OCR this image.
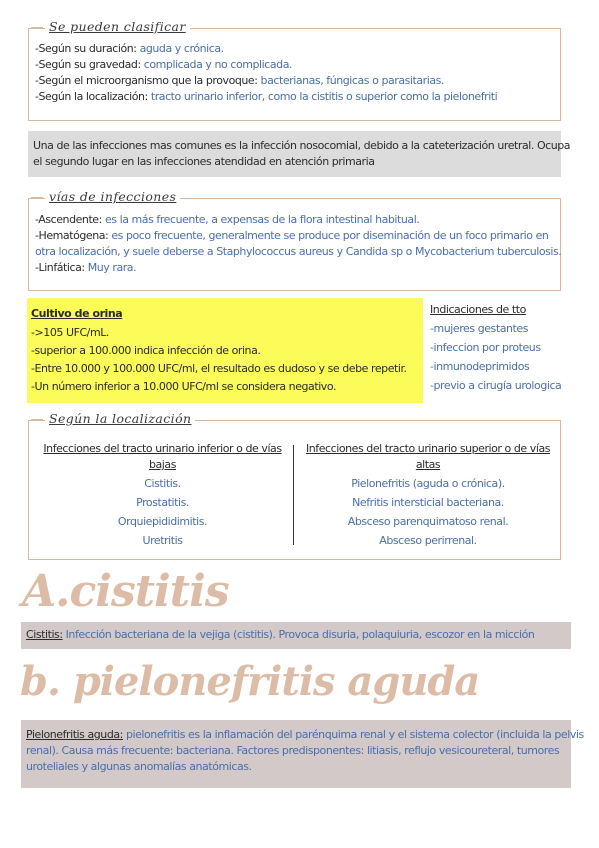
Se pueden clasificar
-Según su duración: aguda y crónica.
-Según su gravedad: complicada y no complicada.
-Según el microorganismo que la provoque: bacterianas, fúngicas o parasitarias.
-Según la localización: tracto urinario inferior, como la cistitis o superior como la pielonefriti
Una de las infecciones mas comunes es la infección nosocomial, debido a la cateterización uretral. Ocupa
el segundo lugar en las infecciones atendidad en atención primaria
vías de infecciones
-Ascendente: es la más frecuente, a expensas de la flora intestinal habitual.
-Hematógena: es poco frecuente, generalmente se produce por diseminación de un foco primario en
otra localización, y suele deberse a Staphylococcus aureus y Candida sp o Mycobacterium tuberculosis.
-Linfática: Muy rara.
Cultivo de orina
->105 UFC/mL.
-superior a 100.000 indica infección de orina.
-Entre 10.000 y 100.000 UFC/ml, el resultado es dudoso y se debe repetir.
-Un número inferior a 10.000 UFC/ml se considera negativo.
Indicaciones de tto
-mujeres gestantes
-infeccion por proteus
-inmunodeprimidos
-previo a cirugía urologica
Según la localización
Infecciones del tracto urinario inferior o de vías
bajas
Cistitis.
Prostatitis.
Orquiepididimitis.
Uretritis
Infecciones del tracto urinario superior o de vías
altas
Pielonefritis (aguda o crónica).
Nefritis intersticial bacteriana.
Absceso parenquimatoso renal.
Absceso perirrenal.
A.cistitis
Cistitis: Infección bacteriana de la vejiga (cistitis). Provoca disuria, polaquiuria, escozor en la micción
b. pielonefritis aguda
Pielonefritis aguda: pielonefritis es la inflamación del parénquima renal y el sistema colector (incluida la pelvis
renal). Causa más frecuente: bacteriana. Factores predisponentes: litiasis, reflujo vesicoureteral, tumores
uroteliales y algunas anomalías anatómicas.
